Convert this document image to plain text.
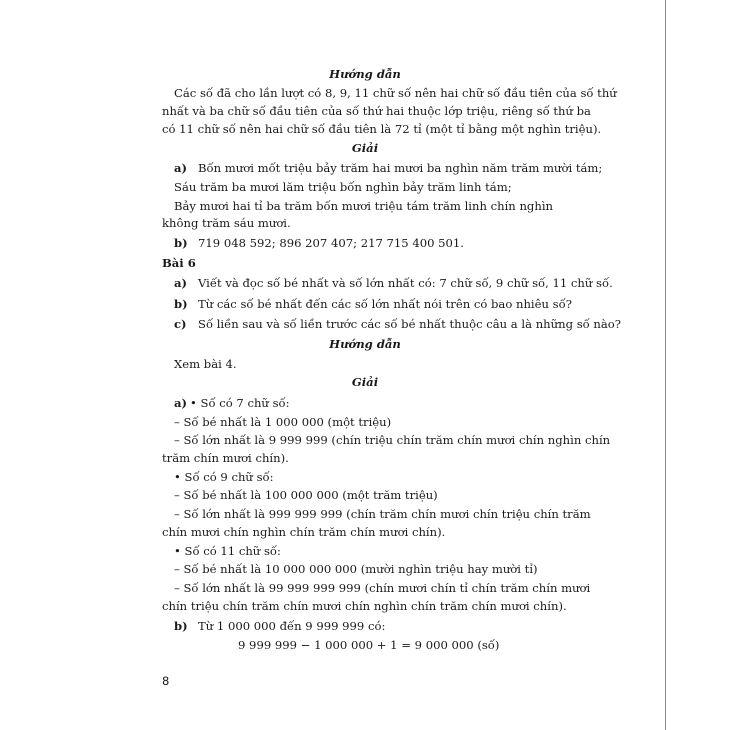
Hướng dẫn
Các số đã cho lần lượt có 8, 9, 11 chữ số nên hai chữ số đầu tiên của số thứ
nhất và ba chữ số đầu tiên của số thứ hai thuộc lớp triệu, riêng số thứ ba
có 11 chữ số nên hai chữ số đầu tiên là 72 tỉ (một tỉ bằng một nghìn triệu).
Giải
a) Bốn mươi mốt triệu bảy trăm hai mươi ba nghìn năm trăm mười tám;
Sáu trăm ba mươi lăm triệu bốn nghìn bảy trăm linh tám;
Bảy mươi hai tỉ ba trăm bốn mươi triệu tám trăm linh chín nghìn
không trăm sáu mươi.
b) 719 048 592; 896 207 407; 217 715 400 501.
Bài 6
a) Viết và đọc số bé nhất và số lớn nhất có: 7 chữ số, 9 chữ số, 11 chữ số.
b) Từ các số bé nhất đến các số lớn nhất nói trên có bao nhiêu số?
c) Số liền sau và số liền trước các số bé nhất thuộc câu a là những số nào?
Hướng dẫn
Xem bài 4.
Giải
a) • Số có 7 chữ số:
– Số bé nhất là 1 000 000 (một triệu)
– Số lớn nhất là 9 999 999 (chín triệu chín trăm chín mươi chín nghìn chín
trăm chín mươi chín).
• Số có 9 chữ số:
– Số bé nhất là 100 000 000 (một trăm triệu)
– Số lớn nhất là 999 999 999 (chín trăm chín mươi chín triệu chín trăm
chín mươi chín nghìn chín trăm chín mươi chín).
• Số có 11 chữ số:
– Số bé nhất là 10 000 000 000 (mười nghìn triệu hay mười tỉ)
– Số lớn nhất là 99 999 999 999 (chín mươi chín tỉ chín trăm chín mươi
chín triệu chín trăm chín mươi chín nghìn chín trăm chín mươi chín).
b) Từ 1 000 000 đến 9 999 999 có:
9 999 999 − 1 000 000 + 1 = 9 000 000 (số)
8
